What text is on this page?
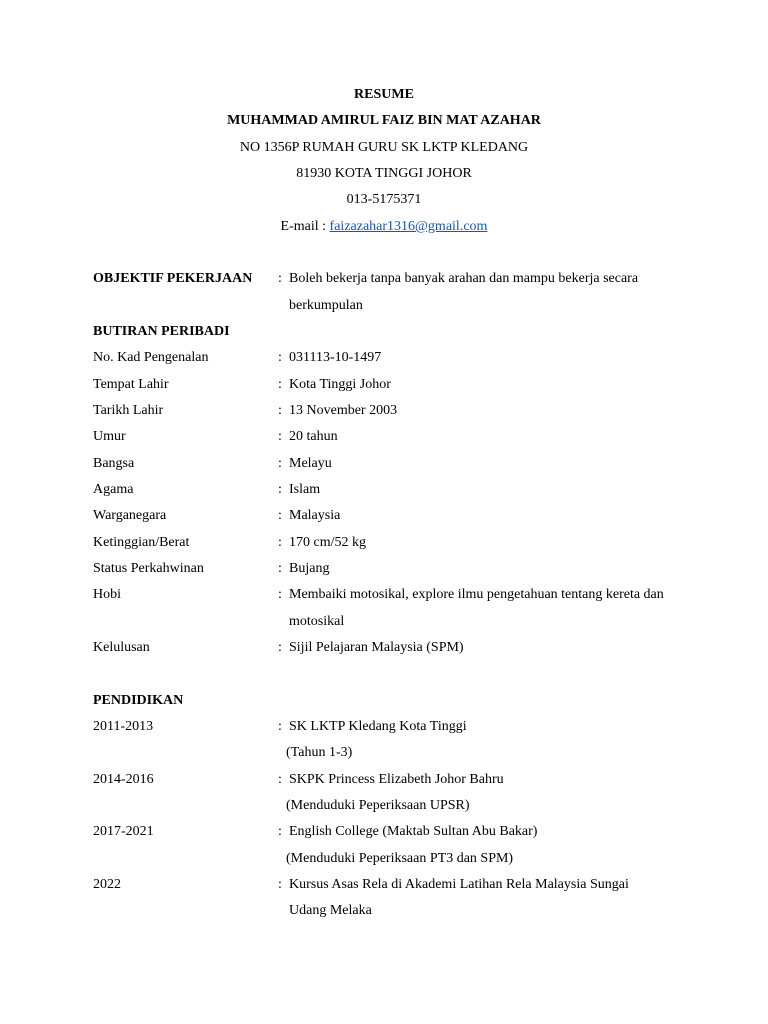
RESUME
MUHAMMAD AMIRUL FAIZ BIN MAT AZAHAR
NO 1356P RUMAH GURU SK LKTP KLEDANG
81930 KOTA TINGGI JOHOR
013-5175371
E-mail : faizazahar1316@gmail.com
OBJEKTIF PEKERJAAN : Boleh bekerja tanpa banyak arahan dan mampu bekerja secara
berkumpulan
BUTIRAN PERIBADI
No. Kad Pengenalan	: 031113-10-1497
Tempat Lahir	: Kota Tinggi Johor
Tarikh Lahir	: 13 November 2003
Umur	: 20 tahun
Bangsa	: Melayu
Agama	: Islam
Warganegara	: Malaysia
Ketinggian/Berat	: 170 cm/52 kg
Status Perkahwinan	: Bujang
Hobi	: Membaiki motosikal, explore ilmu pengetahuan tentang kereta dan
motosikal
Kelulusan	: Sijil Pelajaran Malaysia (SPM)
PENDIDIKAN
2011-2013	: SK LKTP Kledang Kota Tinggi
(Tahun 1-3)
2014-2016	: SKPK Princess Elizabeth Johor Bahru
(Menduduki Peperiksaan UPSR)
2017-2021	: English College (Maktab Sultan Abu Bakar)
(Menduduki Peperiksaan PT3 dan SPM)
2022	: Kursus Asas Rela di Akademi Latihan Rela Malaysia Sungai
Udang Melaka
